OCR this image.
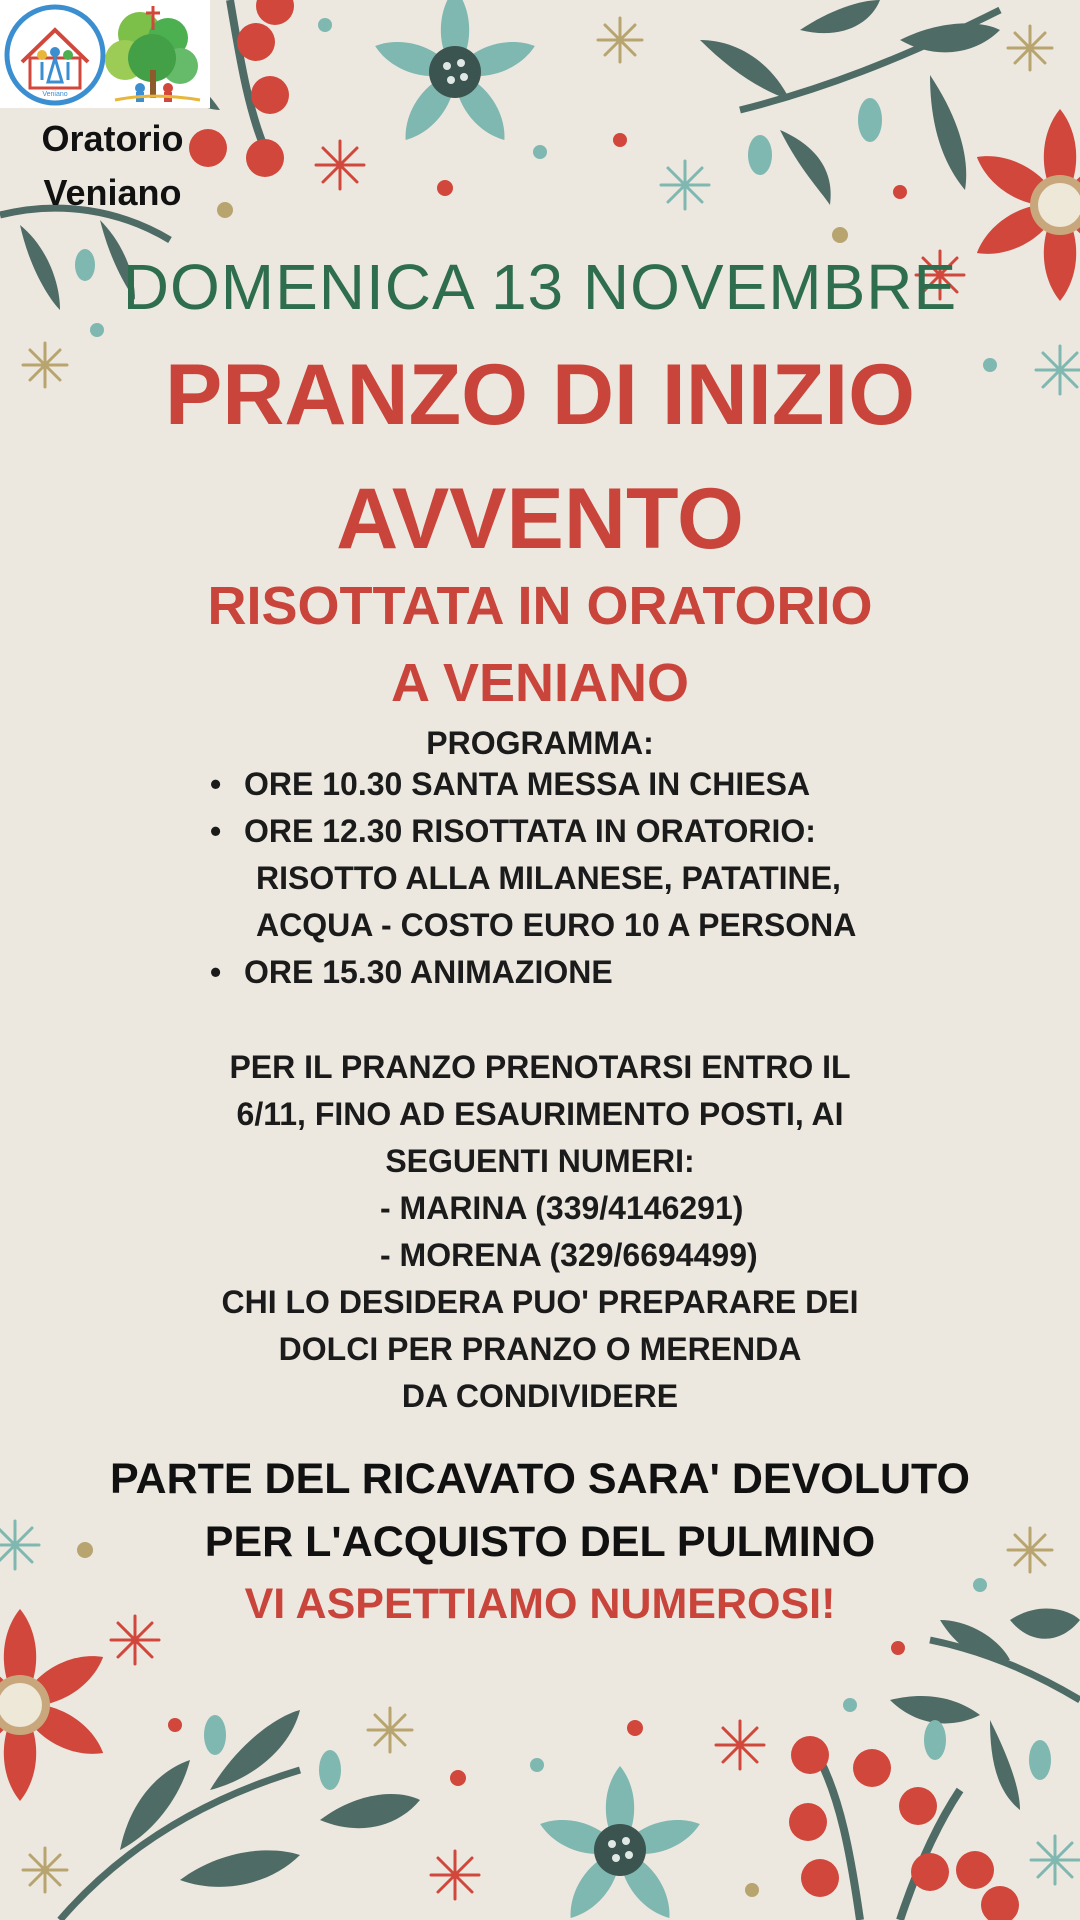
Veniano
Oratorio
Veniano
DOMENICA 13 NOVEMBRE
PRANZO DI INIZIO
AVVENTO
RISOTTATA IN ORATORIO
A VENIANO
PROGRAMMA:
• ORE 10.30 SANTA MESSA IN CHIESA
• ORE 12.30 RISOTTATA IN ORATORIO:
RISOTTO ALLA MILANESE, PATATINE,
ACQUA - COSTO EURO 10 A PERSONA
• ORE 15.30 ANIMAZIONE
PER IL PRANZO PRENOTARSI ENTRO IL
6/11, FINO AD ESAURIMENTO POSTI, AI
SEGUENTI NUMERI:
- MARINA (339/4146291)
- MORENA (329/6694499)
CHI LO DESIDERA PUO' PREPARARE DEI
DOLCI PER PRANZO O MERENDA
DA CONDIVIDERE
PARTE DEL RICAVATO SARA' DEVOLUTO
PER L'ACQUISTO DEL PULMINO
VI ASPETTIAMO NUMEROSI!
